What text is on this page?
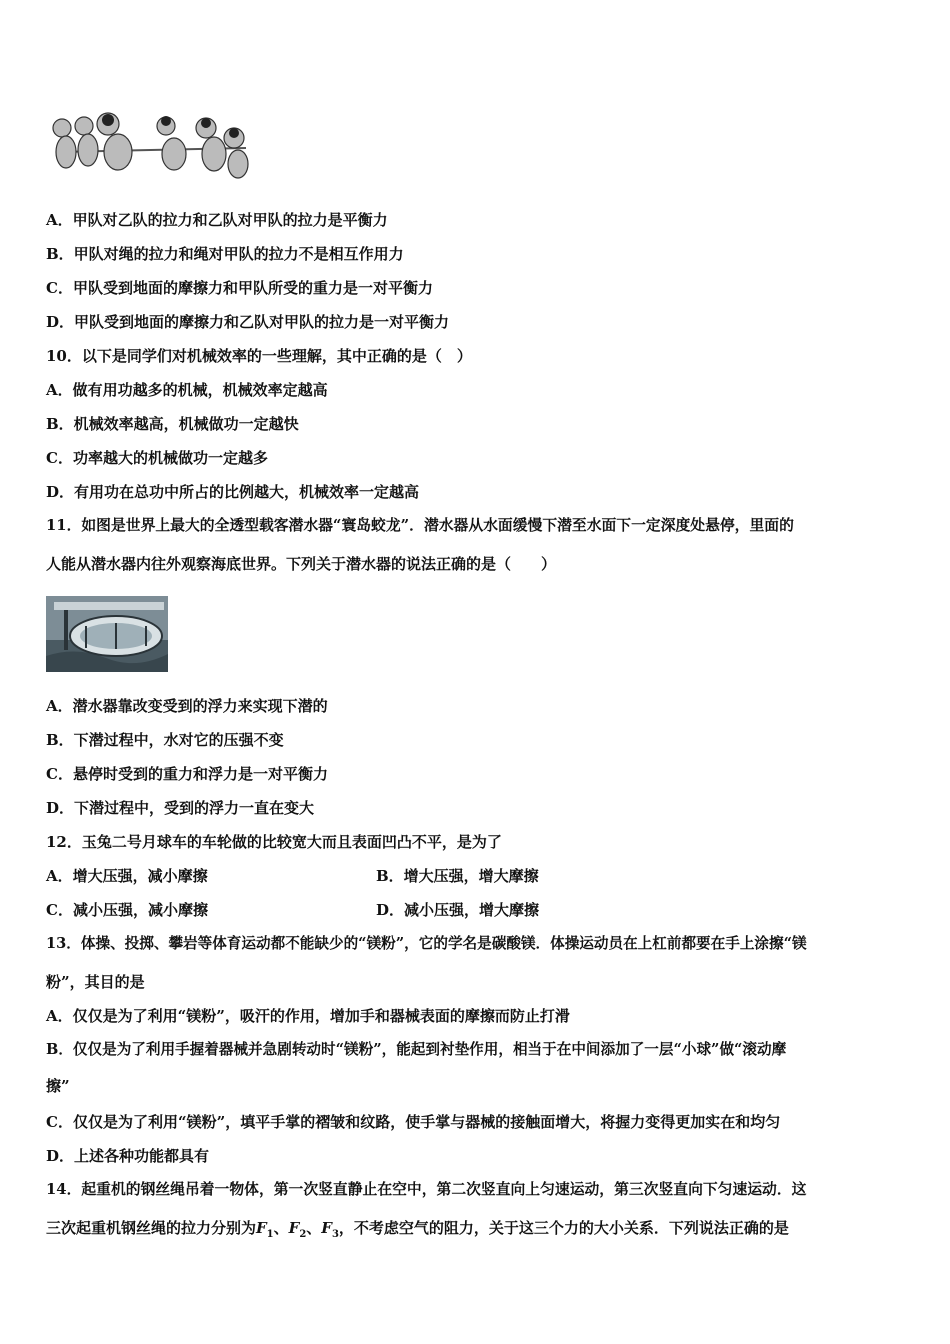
A．甲队对乙队的拉力和乙队对甲队的拉力是平衡力
B．甲队对绳的拉力和绳对甲队的拉力不是相互作用力
C．甲队受到地面的摩擦力和甲队所受的重力是一对平衡力
D．甲队受到地面的摩擦力和乙队对甲队的拉力是一对平衡力
10．以下是同学们对机械效率的一些理解，其中正确的是（　）
A．做有用功越多的机械，机械效率定越高
B．机械效率越高，机械做功一定越快
C．功率越大的机械做功一定越多
D．有用功在总功中所占的比例越大，机械效率一定越高
11．如图是世界上最大的全透型载客潜水器“寰岛蛟龙”．潜水器从水面缓慢下潜至水面下一定深度处悬停，里面的
人能从潜水器内往外观察海底世界。下列关于潜水器的说法正确的是（　　）
A．潜水器靠改变受到的浮力来实现下潜的
B．下潜过程中，水对它的压强不变
C．悬停时受到的重力和浮力是一对平衡力
D．下潜过程中，受到的浮力一直在变大
12．玉兔二号月球车的车轮做的比较宽大而且表面凹凸不平，是为了
A．增大压强，减小摩擦	B．增大压强，增大摩擦
C．减小压强，减小摩擦	D．减小压强，增大摩擦
13．体操、投掷、攀岩等体育运动都不能缺少的“镁粉”，它的学名是碳酸镁．体操运动员在上杠前都要在手上涂擦“镁
粉”，其目的是
A．仅仅是为了利用“镁粉”，吸汗的作用，增加手和器械表面的摩擦而防止打滑
B．仅仅是为了利用手握着器械并急剧转动时“镁粉”，能起到衬垫作用，相当于在中间添加了一层“小球”做“滚动摩
擦”
C．仅仅是为了利用“镁粉”，填平手掌的褶皱和纹路，使手掌与器械的接触面增大，将握力变得更加实在和均匀
D．上述各种功能都具有
14．起重机的钢丝绳吊着一物体，第一次竖直静止在空中，第二次竖直向上匀速运动，第三次竖直向下匀速运动．这
三次起重机钢丝绳的拉力分别为$F_1$、$F_2$、$F_3$，不考虑空气的阻力，关于这三个力的大小关系．下列说法正确的是
